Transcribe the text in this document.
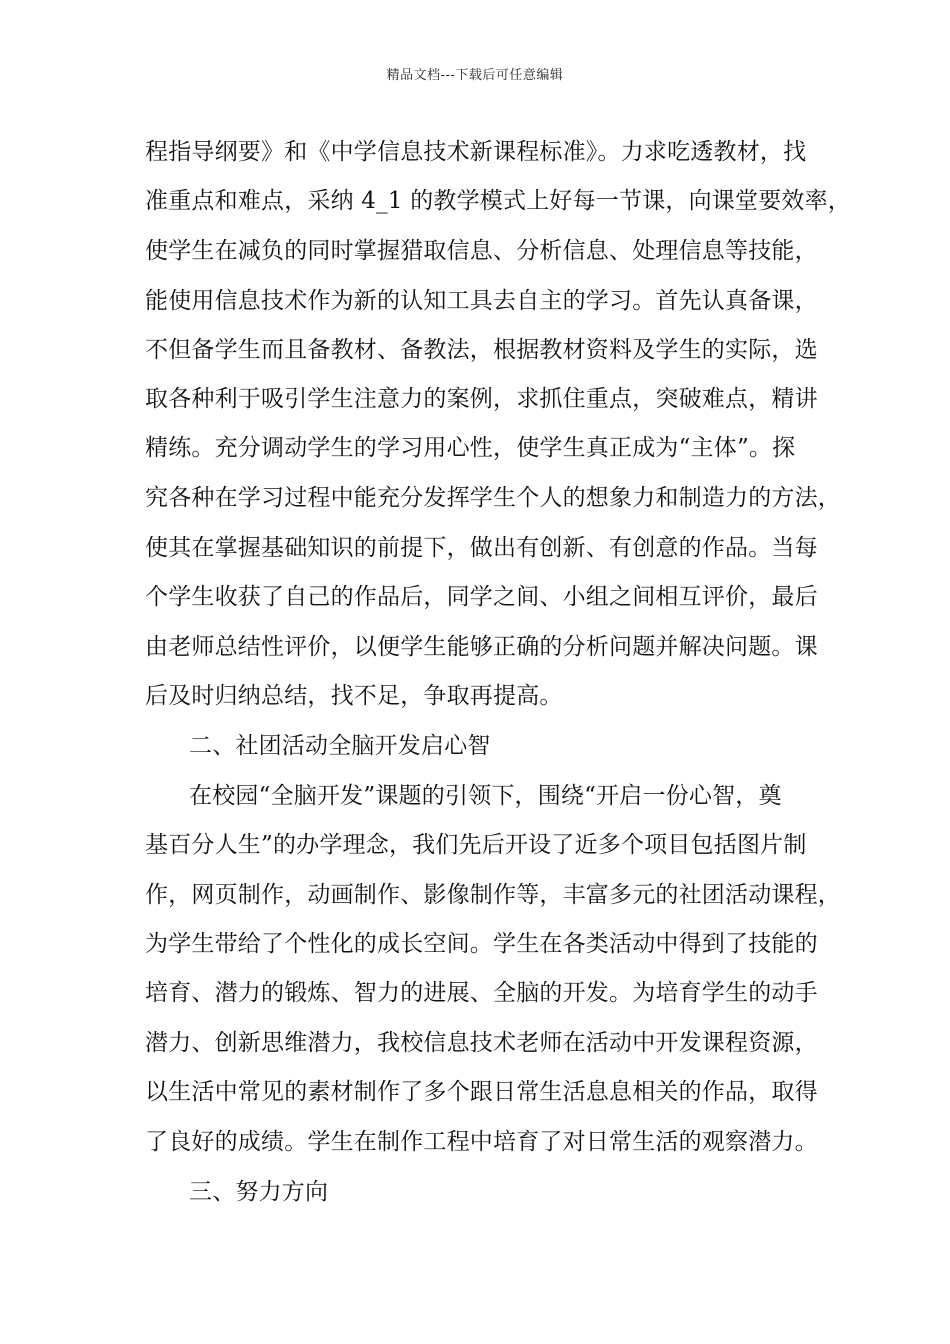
精品文档---下载后可任意编辑
程指导纲要》和《中学信息技术新课程标准》。力求吃透教材，找
准重点和难点，采纳 4_1 的教学模式上好每一节课，向课堂要效率，
使学生在减负的同时掌握猎取信息、分析信息、处理信息等技能，
能使用信息技术作为新的认知工具去自主的学习。首先认真备课，
不但备学生而且备教材、备教法，根据教材资料及学生的实际，选
取各种利于吸引学生注意力的案例，求抓住重点，突破难点，精讲
精练。充分调动学生的学习用心性，使学生真正成为“主体”。探
究各种在学习过程中能充分发挥学生个人的想象力和制造力的方法，
使其在掌握基础知识的前提下，做出有创新、有创意的作品。当每
个学生收获了自己的作品后，同学之间、小组之间相互评价，最后
由老师总结性评价，以便学生能够正确的分析问题并解决问题。课
后及时归纳总结，找不足，争取再提高。
二、社团活动全脑开发启心智
在校园“全脑开发”课题的引领下，围绕“开启一份心智，奠
基百分人生”的办学理念，我们先后开设了近多个项目包括图片制
作，网页制作，动画制作、影像制作等，丰富多元的社团活动课程，
为学生带给了个性化的成长空间。学生在各类活动中得到了技能的
培育、潜力的锻炼、智力的进展、全脑的开发。为培育学生的动手
潜力、创新思维潜力，我校信息技术老师在活动中开发课程资源，
以生活中常见的素材制作了多个跟日常生活息息相关的作品，取得
了良好的成绩。学生在制作工程中培育了对日常生活的观察潜力。
三、努力方向
